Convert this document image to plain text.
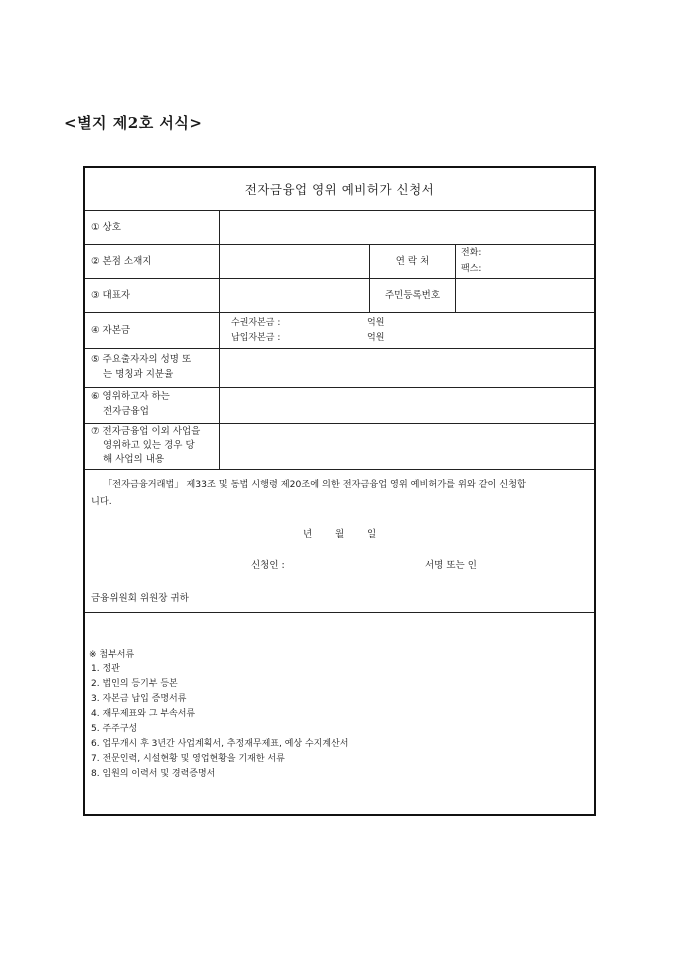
<별지 제2호 서식>
전자금융업 영위 예비허가 신청서
① 상호
② 본점 소재지	연 락 처
전화:
팩스:
③ 대표자	주민등록번호
④ 자본금
수권자본금 :	억원
납입자본금 :	억원
⑤ 주요출자자의 성명 또
는 명칭과 지분율
⑥ 영위하고자 하는
전자금융업
⑦ 전자금융업 이외 사업을
영위하고 있는 경우 당
해 사업의 내용
「전자금융거래법」 제33조 및 동법 시행령 제20조에 의한 전자금융업 영위 예비허가를 위와 같이 신청합
니다.
년 월 일
신청인 :	서명 또는 인
금융위원회 위원장 귀하
※ 첨부서류
1. 정관
2. 법인의 등기부 등본
3. 자본금 납입 증명서류
4. 재무제표와 그 부속서류
5. 주주구성
6. 업무개시 후 3년간 사업계획서, 추정재무제표, 예상 수지계산서
7. 전문인력, 시설현황 및 영업현황을 기재한 서류
8. 임원의 이력서 및 경력증명서
